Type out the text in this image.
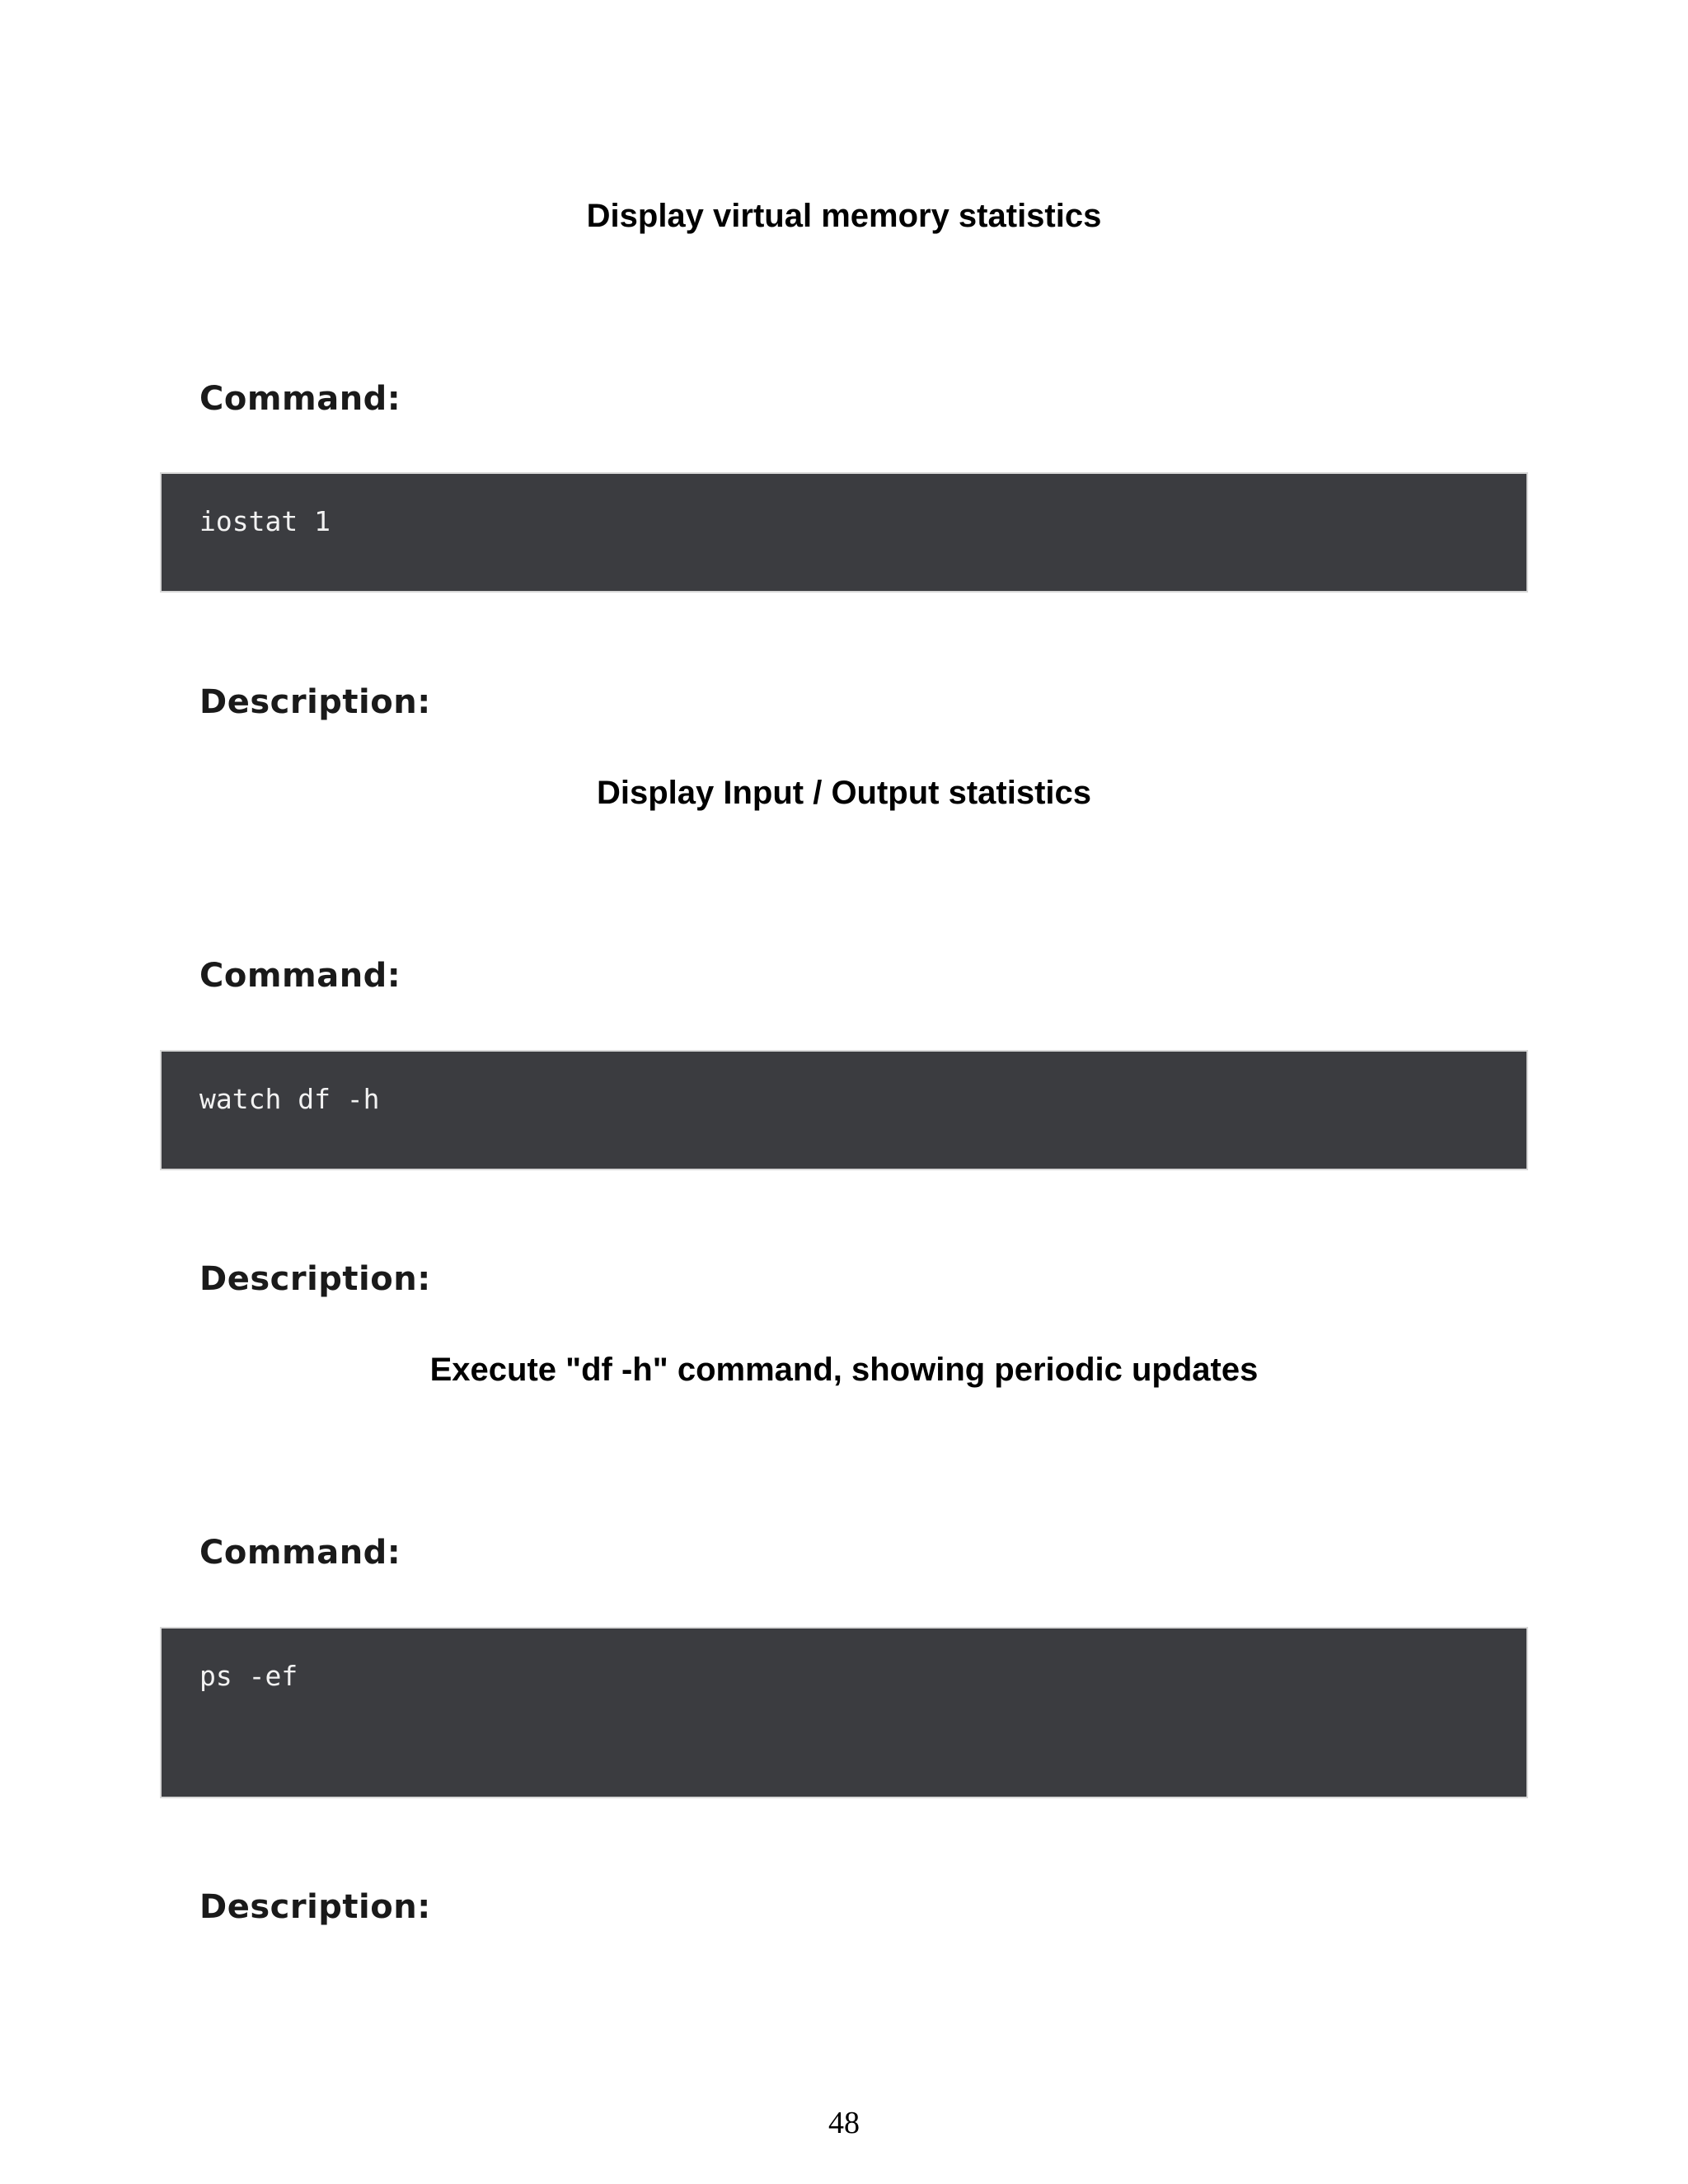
Display virtual memory statistics

Command:

iostat 1

Description:

Display Input / Output statistics

Command:

watch df -h

Description:

Execute "df -h" command, showing periodic updates

Command:

ps -ef

Description:

48
